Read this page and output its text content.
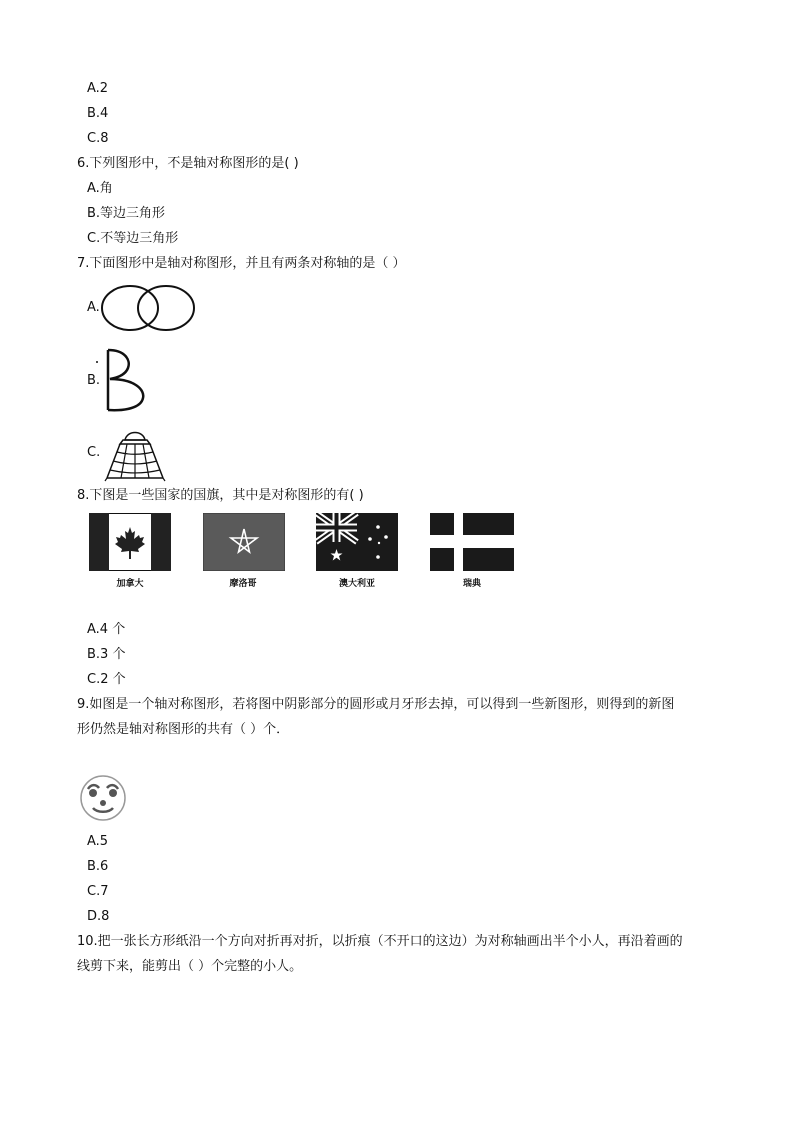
A.2
B.4
C.8
6.下列图形中，不是轴对称图形的是( )
A.角
B.等边三角形
C.不等边三角形
7.下面图形中是轴对称图形，并且有两条对称轴的是（ ）
A.
B.
C.
8.下图是一些国家的国旗，其中是对称图形的有( )
加拿大	摩洛哥	澳大利亚	瑞典
A.4 个
B.3 个
C.2 个
9.如图是一个轴对称图形，若将图中阴影部分的圆形或月牙形去掉，可以得到一些新图形，则得到的新图
形仍然是轴对称图形的共有（ ）个．
A.5
B.6
C.7
D.8
10.把一张长方形纸沿一个方向对折再对折，以折痕（不开口的这边）为对称轴画出半个小人，再沿着画的
线剪下来，能剪出（ ）个完整的小人。
